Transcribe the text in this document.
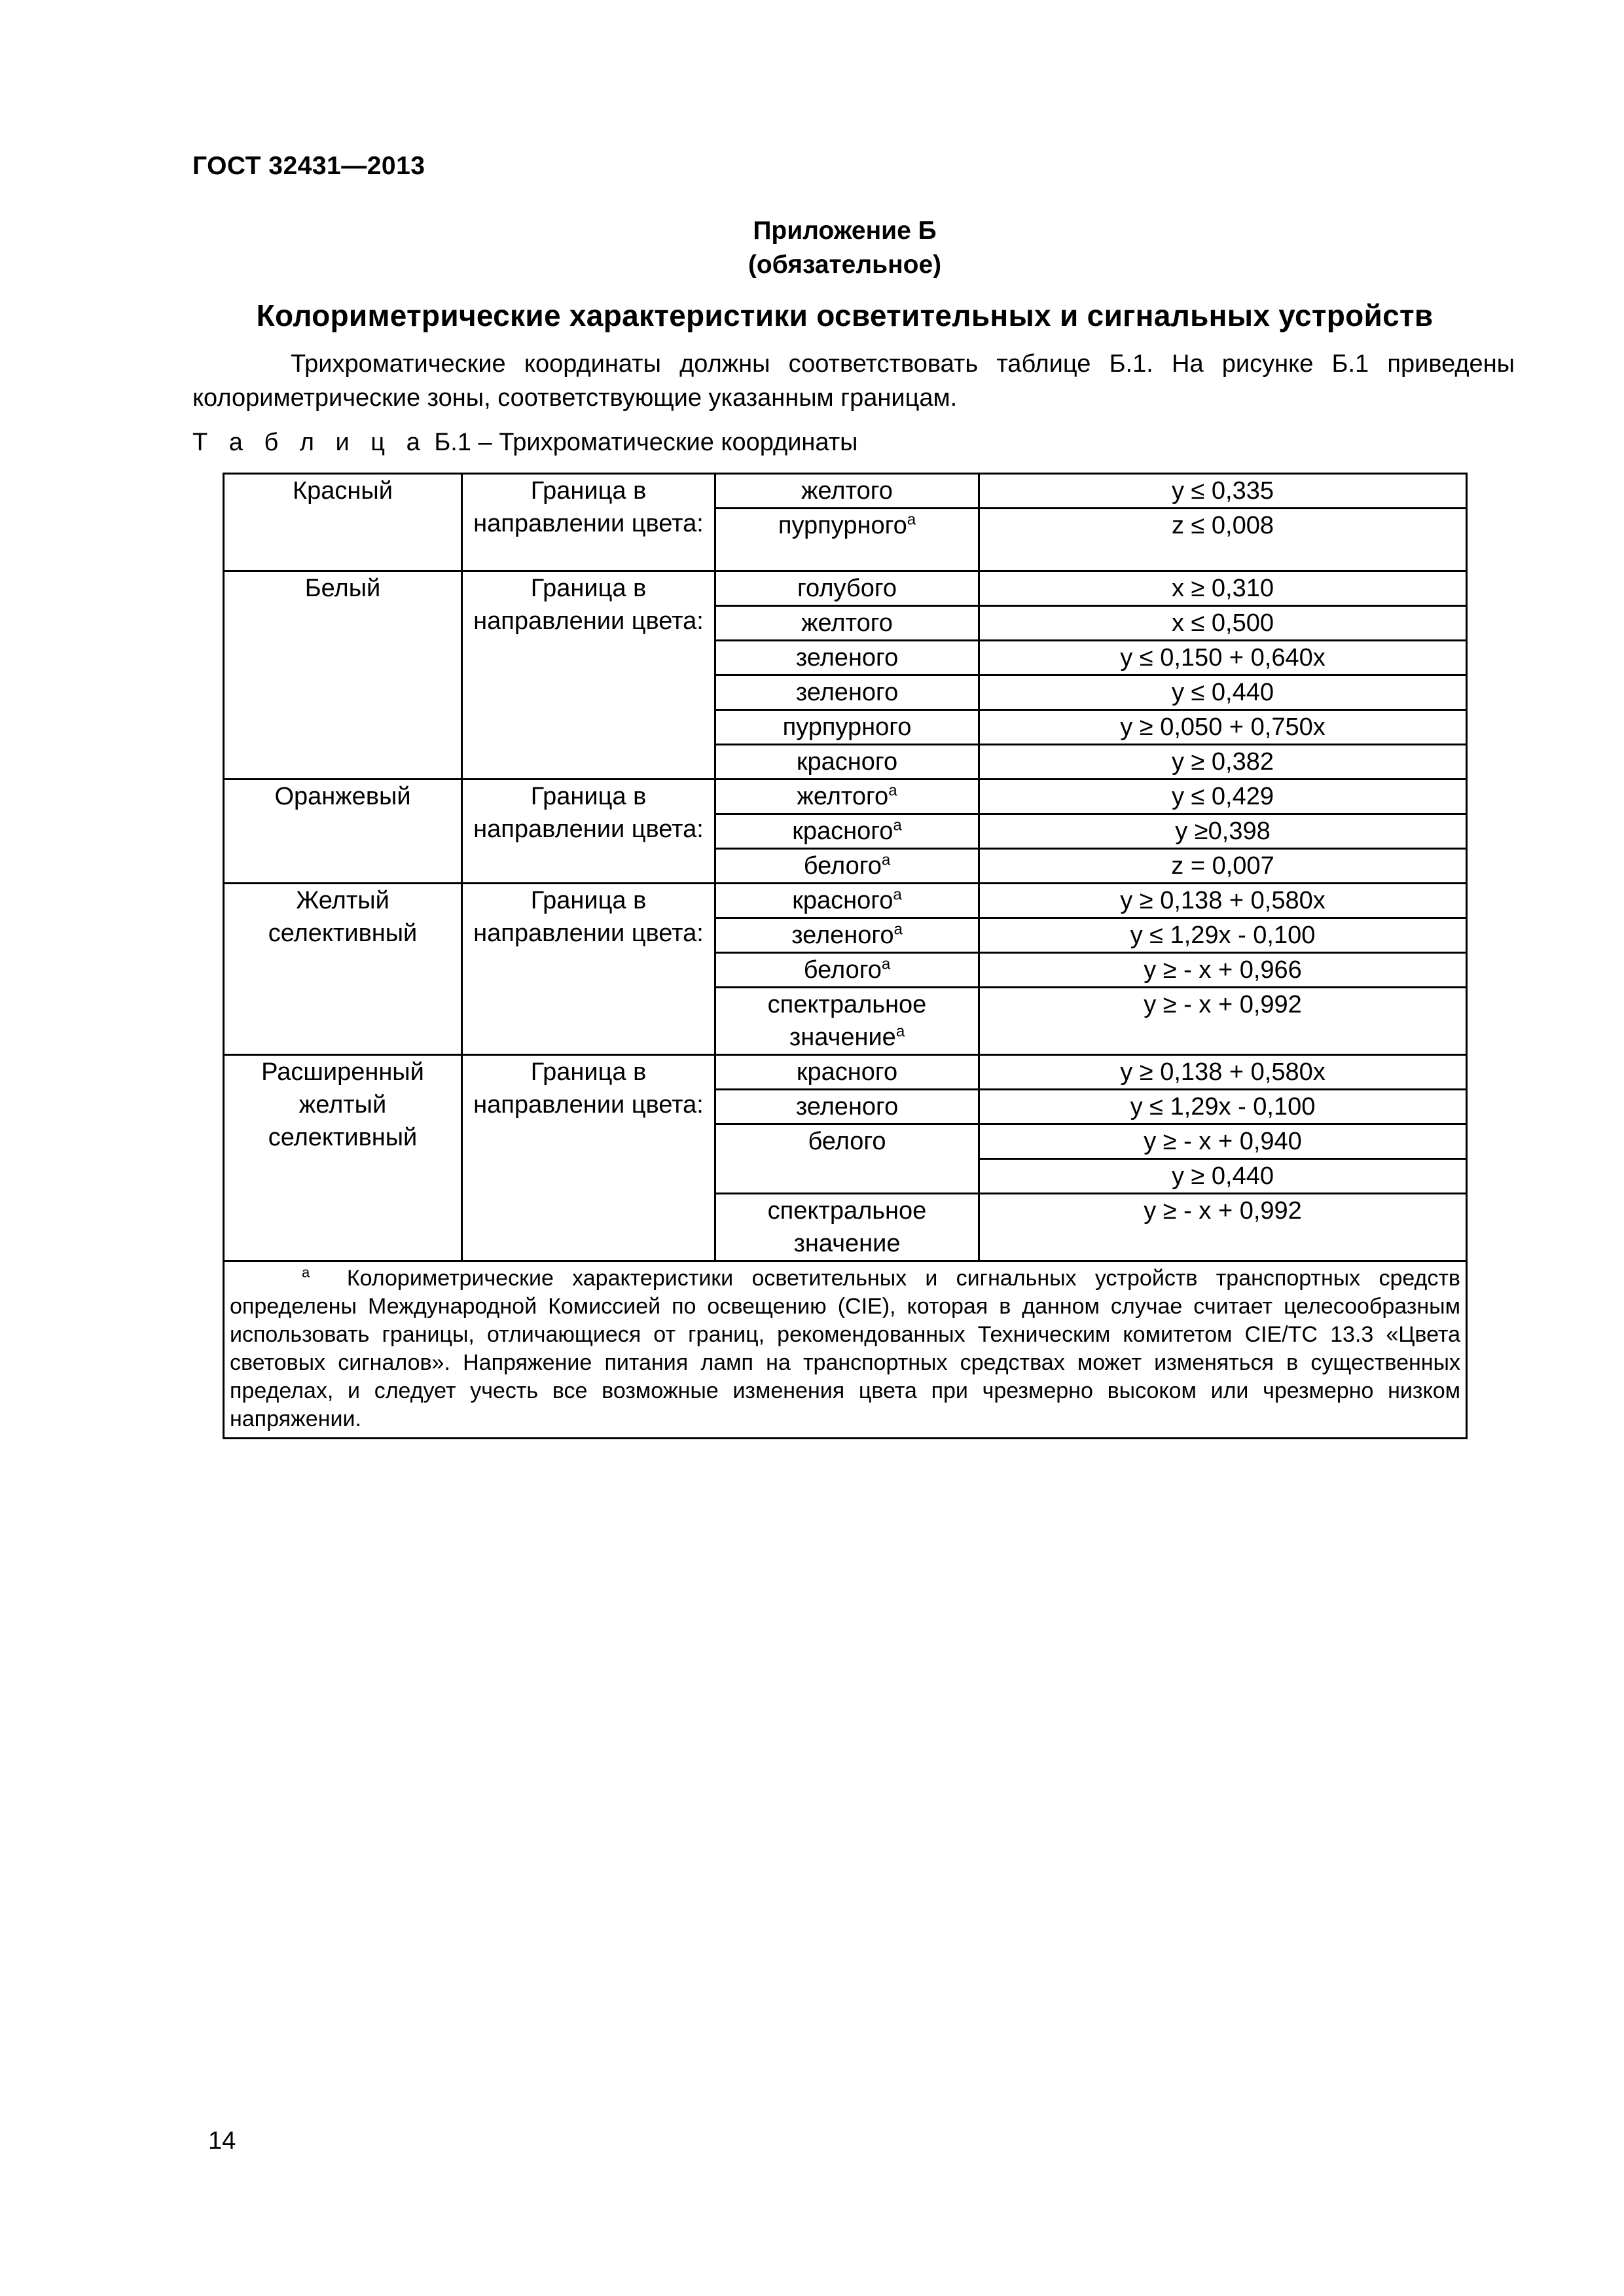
ГОСТ 32431—2013
Приложение Б
(обязательное)
Колориметрические характеристики осветительных и сигнальных устройств
Трихроматические координаты должны соответствовать таблице Б.1. На рисунке Б.1 приведены колориметрические зоны, соответствующие указанным границам.
Т а б л и ц а Б.1 – Трихроматические координаты
Красный	Граница в направлении цвета:	желтого	y ≤ 0,335
		пурпурного$^а$	z ≤ 0,008
Белый	Граница в направлении цвета:	голубого	x ≥ 0,310
		желтого	x ≤ 0,500
		зеленого	y ≤ 0,150 + 0,640x
		зеленого	y ≤ 0,440
		пурпурного	y ≥ 0,050 + 0,750x
		красного	y ≥ 0,382
Оранжевый	Граница в направлении цвета:	желтого$^а$	y ≤ 0,429
		красного$^а$	y ≥0,398
		белого$^а$	z = 0,007
Желтый селективный	Граница в направлении цвета:	красного$^а$	y ≥ 0,138 + 0,580x
		зеленого$^а$	y ≤ 1,29x - 0,100
		белого$^а$	y ≥ - x + 0,966
		спектральное значение$^а$	y ≥ - x + 0,992
Расширенный желтый селективный	Граница в направлении цвета:	красного	y ≥ 0,138 + 0,580x
		зеленого	y ≤ 1,29x - 0,100
		белого	y ≥ - x + 0,940
			y ≥ 0,440
		спектральное значение	y ≥ - x + 0,992
$^а$ Колориметрические характеристики осветительных и сигнальных устройств транспортных средств определены Международной Комиссией по освещению (CIE), которая в данном случае считает целесообразным использовать границы, отличающиеся от границ, рекомендованных Техническим комитетом CIE/TC 13.3 «Цвета световых сигналов». Напряжение питания ламп на транспортных средствах может изменяться в существенных пределах, и следует учесть все возможные изменения цвета при чрезмерно высоком или чрезмерно низком напряжении.			
14
